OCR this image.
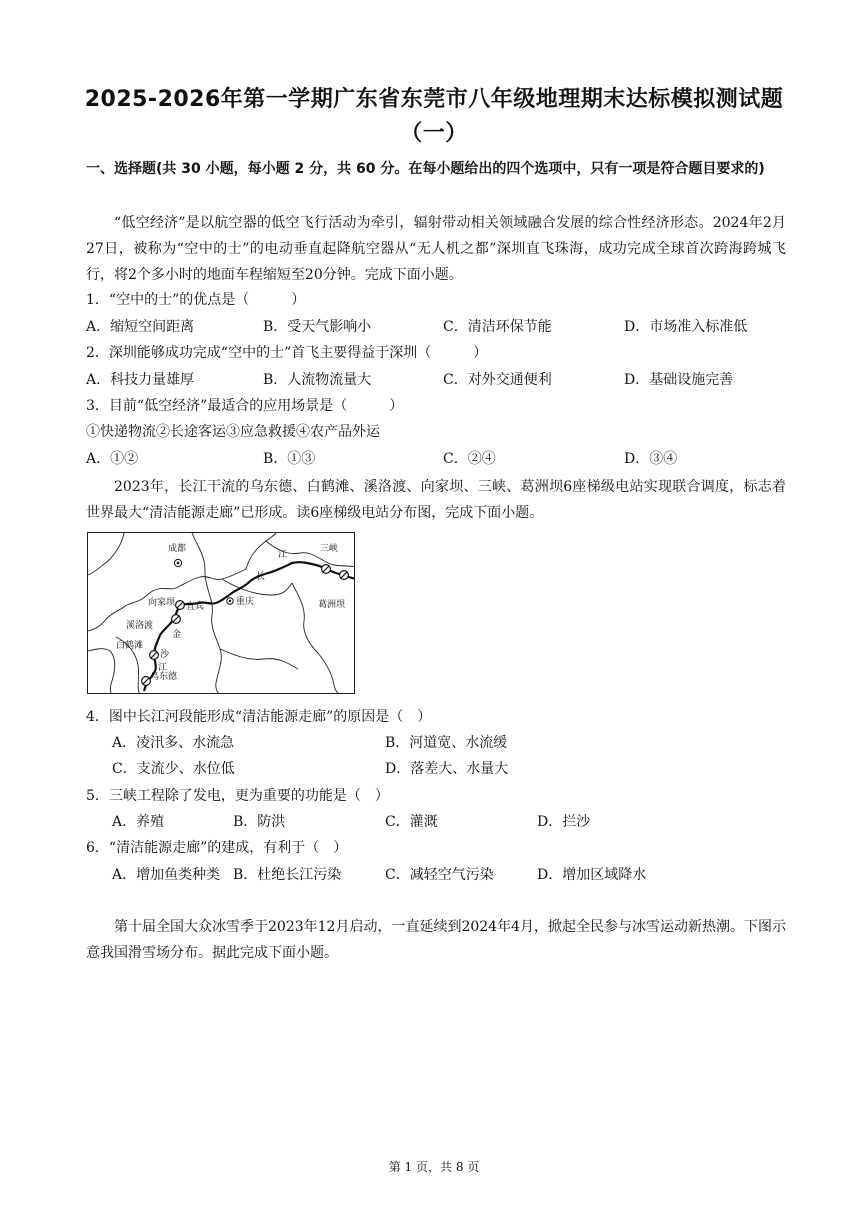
2025-2026年第一学期广东省东莞市八年级地理期末达标模拟测试题
（一）
一、选择题(共 30 小题，每小题 2 分，共 60 分。在每小题给出的四个选项中，只有一项是符合题目要求的)
“低空经济”是以航空器的低空飞行活动为牵引，辐射带动相关领域融合发展的综合性经济形态。2024年2月27日，被称为“空中的士”的电动垂直起降航空器从“无人机之都”深圳直飞珠海，成功完成全球首次跨海跨城飞行，将2个多小时的地面车程缩短至20分钟。完成下面小题。
1．“空中的士”的优点是（　　　）
A．缩短空间距离	B．受天气影响小	C．清洁环保节能	D．市场准入标准低
2．深圳能够成功完成“空中的士”首飞主要得益于深圳（　　　）
A．科技力量雄厚	B．人流物流量大	C．对外交通便利	D．基础设施完善
3．目前“低空经济”最适合的应用场景是（　　　）
①快递物流②长途客运③应急救援④农产品外运
A．①②	B．①③	C．②④	D．③④
2023年，长江干流的乌东德、白鹤滩、溪洛渡、向家坝、三峡、葛洲坝6座梯级电站实现联合调度，标志着世界最大“清洁能源走廊”已形成。读6座梯级电站分布图，完成下面小题。
成都	三峡
葛洲坝
向家坝 宜宾	重庆
溪洛渡
白鹤滩
乌东德
江
长
金
沙
江
4．图中长江河段能形成“清洁能源走廊”的原因是（　）
A．凌汛多、水流急	B．河道宽、水流缓
C．支流少、水位低	D．落差大、水量大
5．三峡工程除了发电，更为重要的功能是（　）
A．养殖	B．防洪	C．灌溉	D．拦沙
6．“清洁能源走廊”的建成，有利于（　）
A．增加鱼类种类 B．杜绝长江污染	C．减轻空气污染	D．增加区域降水
第十届全国大众冰雪季于2023年12月启动，一直延续到2024年4月，掀起全民参与冰雪运动新热潮。下图示意我国滑雪场分布。据此完成下面小题。
第 1 页，共 8 页
